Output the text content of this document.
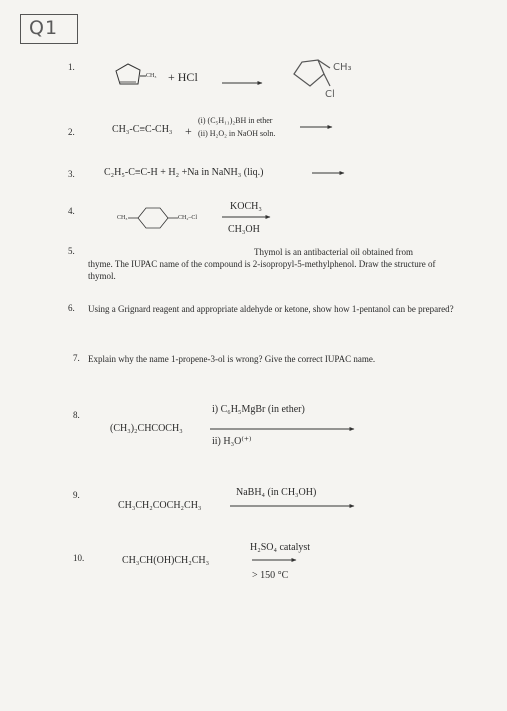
Q1
1.
CH₃ + HCl
CH₃
Cl
2.	CH₃-C≡C-CH₃ +
(i) (C₅H₁₁)₂BH in ether
(ii) H₂O₂ in NaOH soln.
3.	C₂H₅-C≡C-H + H₂ +Na in NaNH₃ (liq.)
4.
CH₃	CH₂–Cl
KOCH₃
CH₃OH
5.	Thymol is an antibacterial oil obtained from
thyme. The IUPAC name of the compound is 2-isopropyl-5-methylphenol. Draw the structure of thymol.
6. Using a Grignard reagent and appropriate aldehyde or ketone, show how 1-pentanol can be prepared?
7. Explain why the name 1-propene-3-ol is wrong? Give the correct IUPAC name.
8.	i) C₆H₅MgBr (in ether)
(CH₃)₂CHCOCH₃
ii) H₃O⁽⁺⁾
9.	NaBH₄ (in CH₃OH)
CH₃CH₂COCH₂CH₃
10.
H₂SO₄ catalyst
CH₃CH(OH)CH₂CH₃
> 150 °C
